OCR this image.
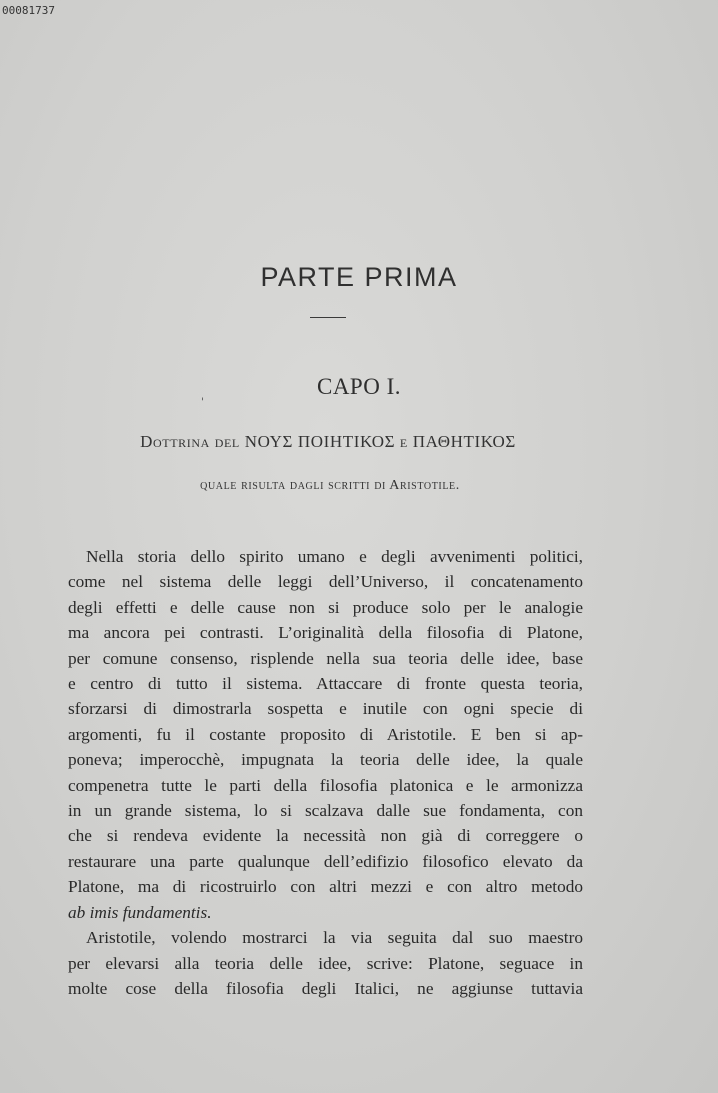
00081737
PARTE PRIMA
CAPO I.
'
Dottrina del ΝΟΥΣ ΠΟΙΗΤΙΚΟΣ e ΠΑΘΗΤΙΚΟΣ
quale risulta dagli scritti di Aristotile.
Nella storia dello spirito umano e degli avvenimenti politici,
come nel sistema delle leggi dell’Universo, il concatenamento
degli effetti e delle cause non si produce solo per le analogie
ma ancora pei contrasti. L’originalità della filosofia di Platone,
per comune consenso, risplende nella sua teoria delle idee, base
e centro di tutto il sistema. Attaccare di fronte questa teoria,
sforzarsi di dimostrarla sospetta e inutile con ogni specie di
argomenti, fu il costante proposito di Aristotile. E ben si ap-
poneva; imperocchè, impugnata la teoria delle idee, la quale
compenetra tutte le parti della filosofia platonica e le armonizza
in un grande sistema, lo si scalzava dalle sue fondamenta, con
che si rendeva evidente la necessità non già di correggere o
restaurare una parte qualunque dell’edifizio filosofico elevato da
Platone, ma di ricostruirlo con altri mezzi e con altro metodo
ab imis fundamentis.
Aristotile, volendo mostrarci la via seguita dal suo maestro
per elevarsi alla teoria delle idee, scrive: Platone, seguace in
molte cose della filosofia degli Italici, ne aggiunse tuttavia
